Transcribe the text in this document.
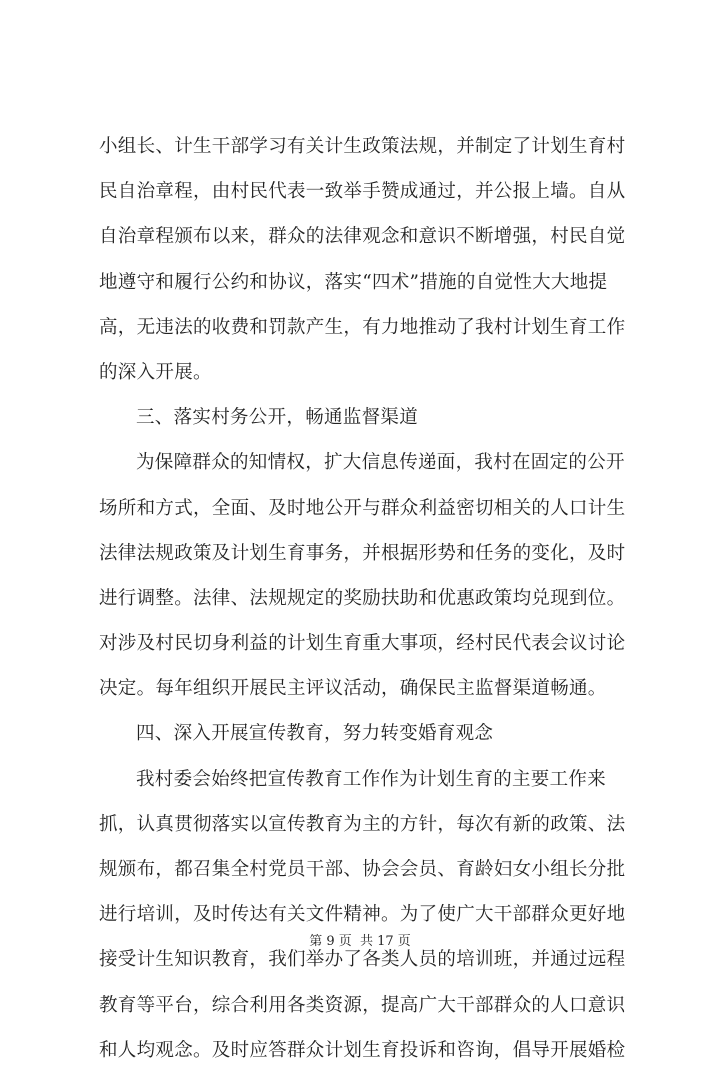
小组长、计生干部学习有关计生政策法规，并制定了计划生育村
民自治章程，由村民代表一致举手赞成通过，并公报上墙。自从
自治章程颁布以来，群众的法律观念和意识不断增强，村民自觉
地遵守和履行公约和协议，落实“四术”措施的自觉性大大地提
高，无违法的收费和罚款产生，有力地推动了我村计划生育工作
的深入开展。
三、落实村务公开，畅通监督渠道
为保障群众的知情权，扩大信息传递面，我村在固定的公开
场所和方式，全面、及时地公开与群众利益密切相关的人口计生
法律法规政策及计划生育事务，并根据形势和任务的变化，及时
进行调整。法律、法规规定的奖励扶助和优惠政策均兑现到位。
对涉及村民切身利益的计划生育重大事项，经村民代表会议讨论
决定。每年组织开展民主评议活动，确保民主监督渠道畅通。
四、深入开展宣传教育，努力转变婚育观念
我村委会始终把宣传教育工作作为计划生育的主要工作来
抓，认真贯彻落实以宣传教育为主的方针，每次有新的政策、法
规颁布，都召集全村党员干部、协会会员、育龄妇女小组长分批
进行培训，及时传达有关文件精神。为了使广大干部群众更好地
接受计生知识教育，我们举办了各类人员的培训班，并通过远程
教育等平台，综合利用各类资源，提高广大干部群众的人口意识
和人均观念。及时应答群众计划生育投诉和咨询，倡导开展婚检
第 9 页  共 17 页
